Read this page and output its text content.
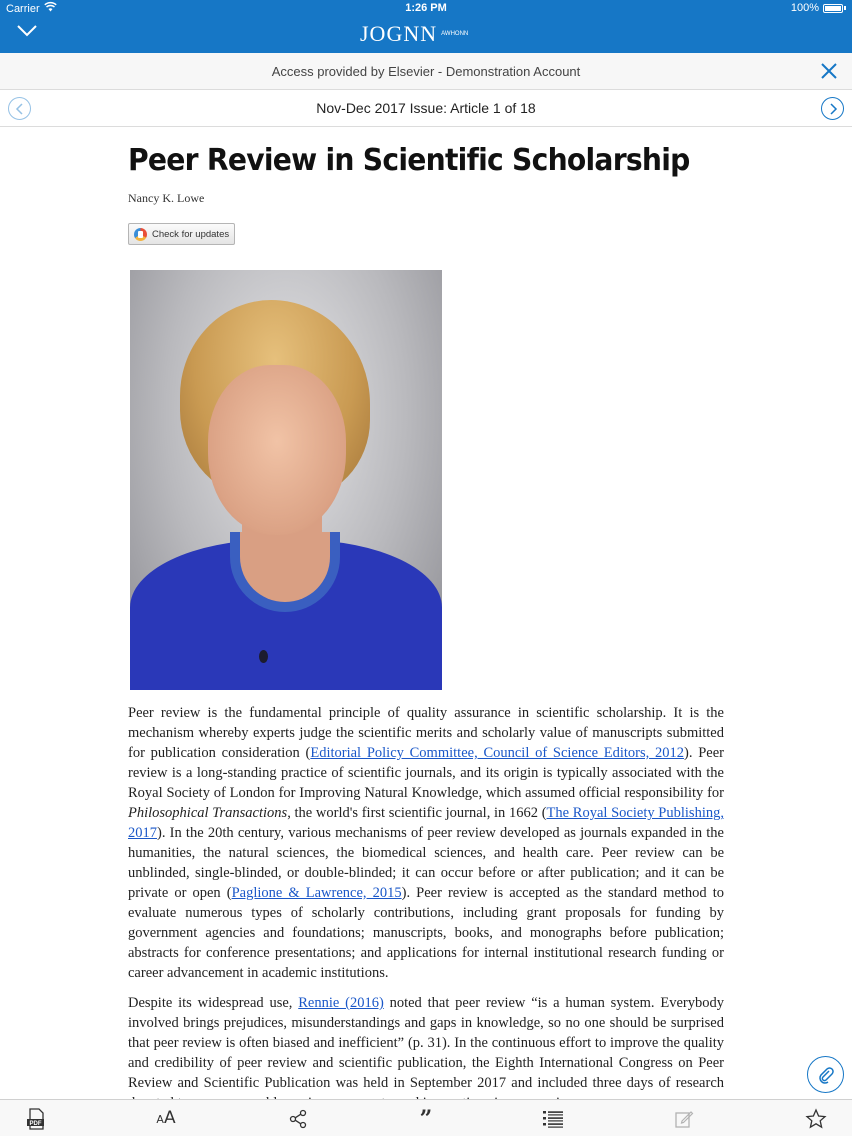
Carrier	1:26 PM	100%
JOGNN AWHONN
Access provided by Elsevier - Demonstration Account
Nov-Dec 2017 Issue: Article 1 of 18
Peer Review in Scientific Scholarship
Nancy K. Lowe
Check for updates

Peer review is the fundamental principle of quality assurance in scientific scholarship. It is the mechanism whereby experts judge the scientific merits and scholarly value of manuscripts submitted for publication consideration (Editorial Policy Committee, Council of Science Editors, 2012). Peer review is a long-standing practice of scientific journals, and its origin is typically associated with the Royal Society of London for Improving Natural Knowledge, which assumed official responsibility for Philosophical Transactions, the world's first scientific journal, in 1662 (The Royal Society Publishing, 2017). In the 20th century, various mechanisms of peer review developed as journals expanded in the humanities, the natural sciences, the biomedical sciences, and health care. Peer review can be unblinded, single-blinded, or double-blinded; it can occur before or after publication; and it can be private or open (Paglione & Lawrence, 2015). Peer review is accepted as the standard method to evaluate numerous types of scholarly contributions, including grant proposals for funding by government agencies and foundations; manuscripts, books, and monographs before publication; abstracts for conference presentations; and applications for internal institutional research funding or career advancement in academic institutions.

Despite its widespread use, Rennie (2016) noted that peer review “is a human system. Everybody involved brings prejudices, misunderstandings and gaps in knowledge, so no one should be surprised that peer review is often biased and inefficient” (p. 31). In the continuous effort to improve the quality and credibility of peer review and scientific publication, the Eighth International Congress on Peer Review and Scientific Publication was held in September 2017 and included three days of research

PDF	AA	”
